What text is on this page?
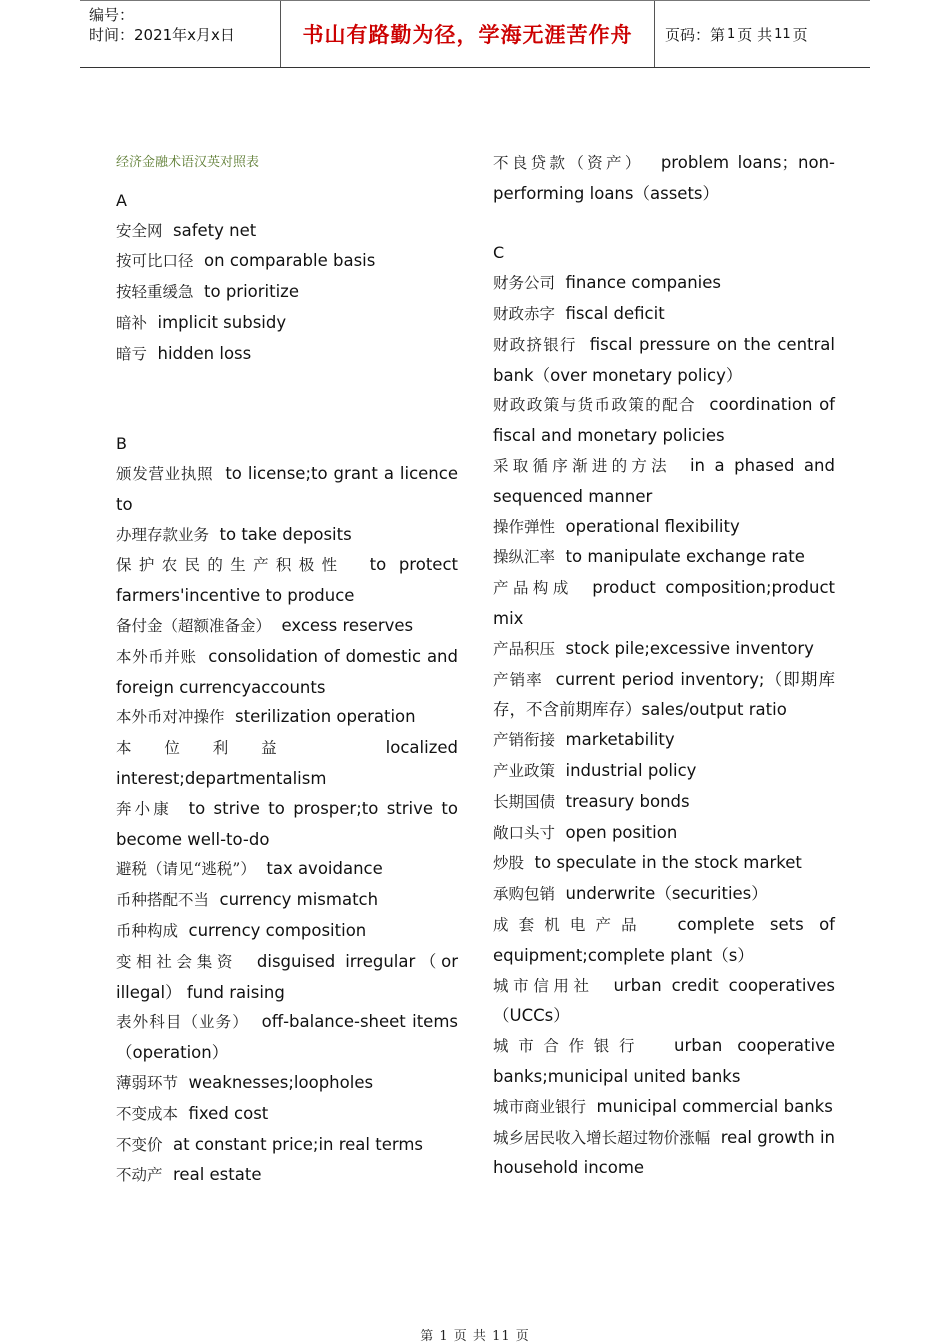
编号：
时间：2021年x月x日	书山有路勤为径，学海无涯苦作舟	页码：第 1 页 共 11 页
经济金融术语汉英对照表
A
安全网 safety net
按可比口径 on comparable basis
按轻重缓急 to prioritize
暗补 implicit subsidy
暗亏 hidden loss
B
颁发营业执照 to license;to grant a licence to
办理存款业务 to take deposits
保护农民的生产积极性 to protect farmers'incentive to produce
备付金（超额准备金） excess reserves
本外币并账 consolidation of domestic and foreign currencyaccounts
本外币对冲操作 sterilization operation
本位利益	localized interest;departmentalism
奔小康 to strive to prosper;to strive to become well-to-do
避税（请见“逃税”） tax avoidance
币种搭配不当 currency mismatch
币种构成 currency composition
变相社会集资 disguised irregular（or illegal） fund raising
表外科目（业务） off-balance-sheet items（operation）
薄弱环节 weaknesses;loopholes
不变成本 fixed cost
不变价 at constant price;in real terms
不动产 real estate
不良贷款（资产） problem loans；non-performing loans（assets）
C
财务公司 finance companies
财政赤字 fiscal deficit
财政挤银行 fiscal pressure on the central bank（over monetary policy）
财政政策与货币政策的配合 coordination of fiscal and monetary policies
采取循序渐进的方法 in a phased and sequenced manner
操作弹性 operational flexibility
操纵汇率 to manipulate exchange rate
产品构成 product composition;product mix
产品积压 stock pile;excessive inventory
产销率 current period inventory;（即期库存，不含前期库存）sales/output ratio
产销衔接 marketability
产业政策 industrial policy
长期国债 treasury bonds
敞口头寸 open position
炒股 to speculate in the stock market
承购包销 underwrite（securities）
成套机电产品 complete sets of equipment;complete plant（s）
城市信用社 urban credit cooperatives（UCCs）
城市合作银行 urban cooperative banks;municipal united banks
城市商业银行 municipal commercial banks
城乡居民收入增长超过物价涨幅 real growth in household income
第 1 页 共 11 页
